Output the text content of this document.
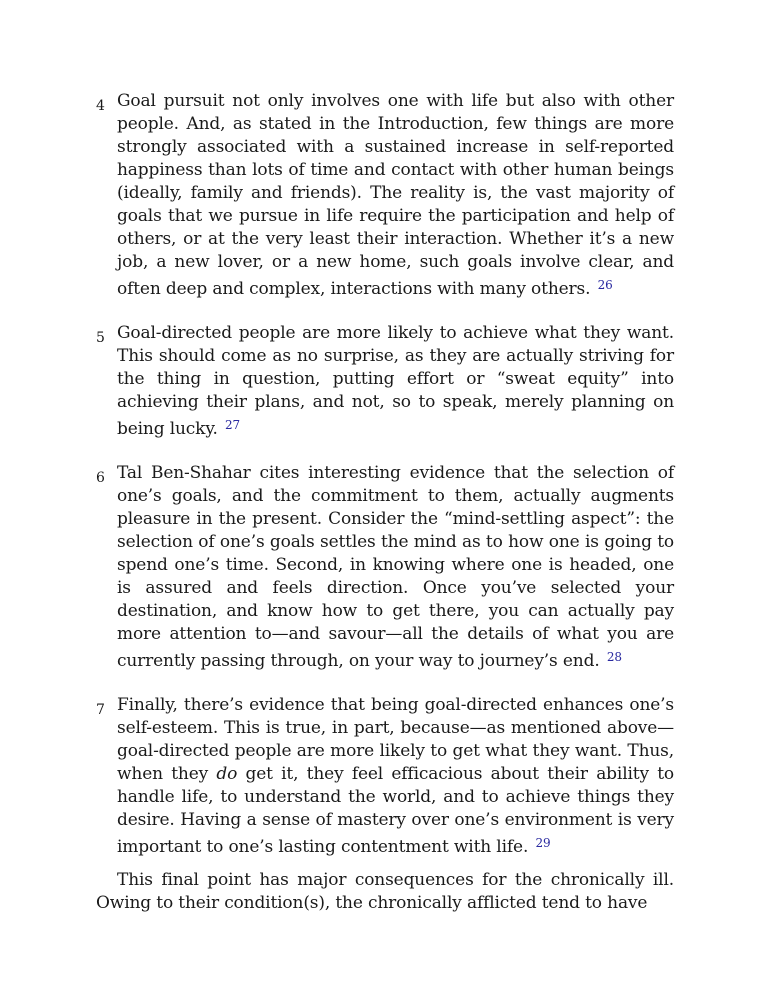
4 Goal pursuit not only involves one with life but also with other people. And, as stated in the Introduction, few things are more strongly associated with a sustained increase in self-reported happiness than lots of time and contact with other human beings (ideally, family and friends). The reality is, the vast majority of goals that we pursue in life require the participation and help of others, or at the very least their interaction. Whether it’s a new job, a new lover, or a new home, such goals involve clear, and often deep and complex, interactions with many others. $^{26}$

5 Goal-directed people are more likely to achieve what they want. This should come as no surprise, as they are actually striving for the thing in question, putting effort or “sweat equity” into achieving their plans, and not, so to speak, merely planning on being lucky. $^{27}$

6 Tal Ben-Shahar cites interesting evidence that the selection of one’s goals, and the commitment to them, actually augments pleasure in the present. Consider the “mind-settling aspect”: the selection of one’s goals settles the mind as to how one is going to spend one’s time. Second, in knowing where one is headed, one is assured and feels direction. Once you’ve selected your destination, and know how to get there, you can actually pay more attention to—and savour—all the details of what you are currently passing through, on your way to journey’s end. $^{28}$

7 Finally, there’s evidence that being goal-directed enhances one’s self-esteem. This is true, in part, because—as mentioned above—goal-directed people are more likely to get what they want. Thus, when they do get it, they feel efficacious about their ability to handle life, to understand the world, and to achieve things they desire. Having a sense of mastery over one’s environment is very important to one’s lasting contentment with life. $^{29}$

This final point has major consequences for the chronically ill. Owing to their condition(s), the chronically afflicted tend to have
